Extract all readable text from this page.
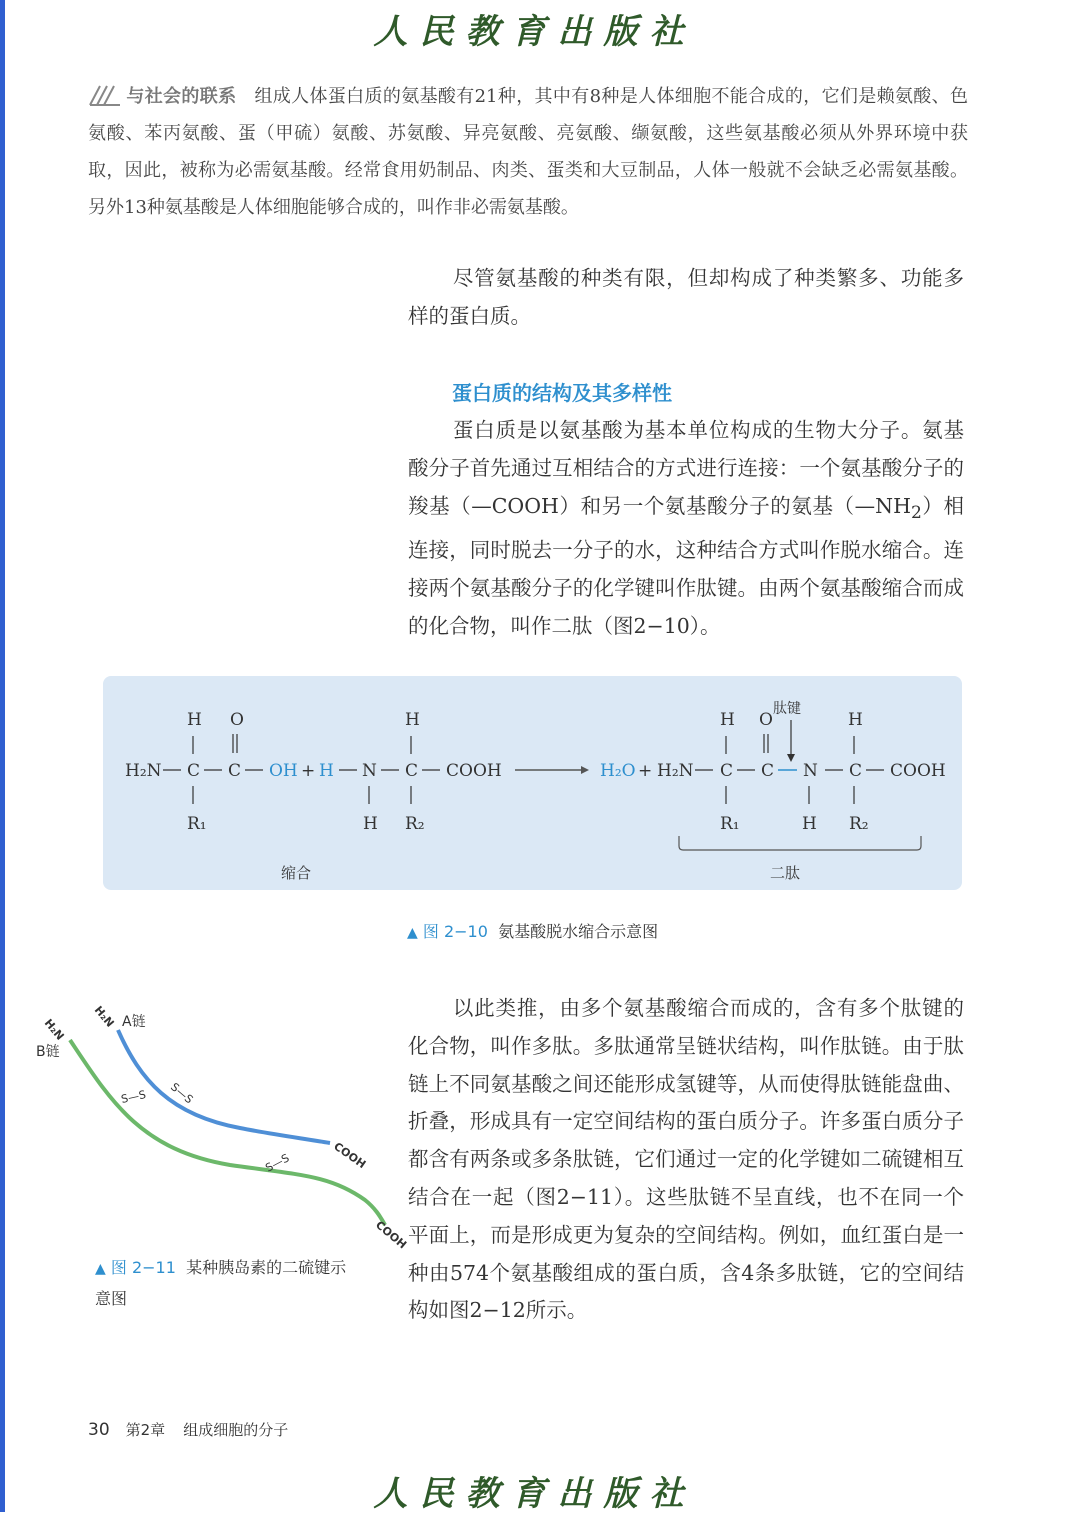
人民教育出版社
与社会的联系 组成人体蛋白质的氨基酸有21种，其中有8种是人体细胞不能合成的，它们是赖氨酸、色氨酸、苯丙氨酸、蛋（甲硫）氨酸、苏氨酸、异亮氨酸、亮氨酸、缬氨酸，这些氨基酸必须从外界环境中获取，因此，被称为必需氨基酸。经常食用奶制品、肉类、蛋类和大豆制品，人体一般就不会缺乏必需氨基酸。另外13种氨基酸是人体细胞能够合成的，叫作非必需氨基酸。
尽管氨基酸的种类有限，但却构成了种类繁多、功能多样的蛋白质。
蛋白质的结构及其多样性
蛋白质是以氨基酸为基本单位构成的生物大分子。氨基酸分子首先通过互相结合的方式进行连接：一个氨基酸分子的羧基（—COOH）和另一个氨基酸分子的氨基$(—NH_2)$相连接，同时脱去一分子的水，这种结合方式叫作脱水缩合。连接两个氨基酸分子的化学键叫作肽键。由两个氨基酸缩合而成的化合物，叫作二肽（图2−10）。
H O	H
H₂N C C OH + H N C COOH
R₁	H R₂
H₂O + H₂N C C N C COOH
H O	H
肽键
R₁	H R₂
缩合	二肽
▲ 图 2−10 氨基酸脱水缩合示意图
H₂N H₂N A链
B链
S—S S—S
S—S	COOH
COOH
▲ 图 2−11 某种胰岛素的二硫键示意图
以此类推，由多个氨基酸缩合而成的，含有多个肽键的化合物，叫作多肽。多肽通常呈链状结构，叫作肽链。由于肽链上不同氨基酸之间还能形成氢键等，从而使得肽链能盘曲、折叠，形成具有一定空间结构的蛋白质分子。许多蛋白质分子都含有两条或多条肽链，它们通过一定的化学键如二硫键相互结合在一起（图2−11）。这些肽链不呈直线，也不在同一个平面上，而是形成更为复杂的空间结构。例如，血红蛋白是一种由574个氨基酸组成的蛋白质，含4条多肽链，它的空间结构如图2−12所示。
30 第2章 组成细胞的分子
人民教育出版社
